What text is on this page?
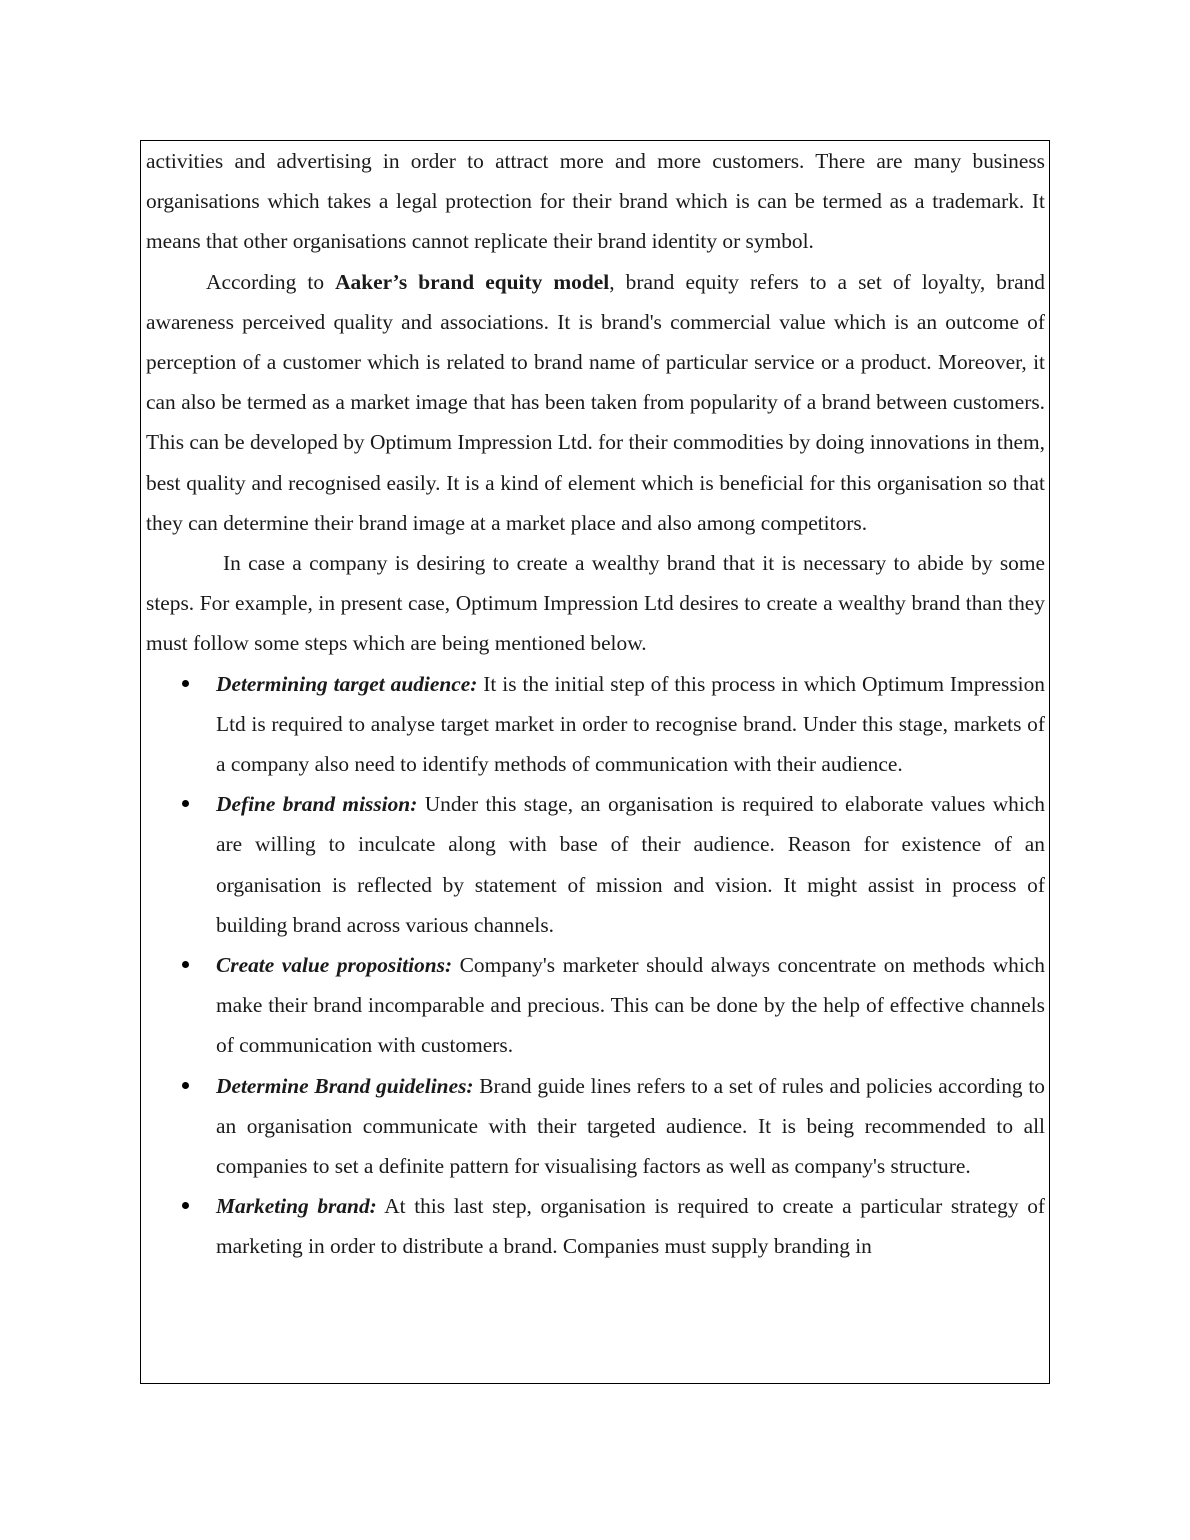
activities and advertising in order to attract more and more customers. There are many business organisations which takes a legal protection for their brand which is can be termed as a trademark. It means that other organisations cannot replicate their brand identity or symbol.

According to Aaker’s brand equity model, brand equity refers to a set of loyalty, brand awareness perceived quality and associations. It is brand's commercial value which is an outcome of perception of a customer which is related to brand name of particular service or a product. Moreover, it can also be termed as a market image that has been taken from popularity of a brand between customers. This can be developed by Optimum Impression Ltd. for their commodities by doing innovations in them, best quality and recognised easily. It is a kind of element which is beneficial for this organisation so that they can determine their brand image at a market place and also among competitors.

In case a company is desiring to create a wealthy brand that it is necessary to abide by some steps. For example, in present case, Optimum Impression Ltd desires to create a wealthy brand than they must follow some steps which are being mentioned below.

Determining target audience: It is the initial step of this process in which Optimum Impression Ltd is required to analyse target market in order to recognise brand. Under this stage, markets of a company also need to identify methods of communication with their audience.
Define brand mission: Under this stage, an organisation is required to elaborate values which are willing to inculcate along with base of their audience. Reason for existence of an organisation is reflected by statement of mission and vision. It might assist in process of building brand across various channels.
Create value propositions: Company's marketer should always concentrate on methods which make their brand incomparable and precious. This can be done by the help of effective channels of communication with customers.
Determine Brand guidelines: Brand guide lines refers to a set of rules and policies according to an organisation communicate with their targeted audience. It is being recommended to all companies to set a definite pattern for visualising factors as well as company's structure.
Marketing brand: At this last step, organisation is required to create a particular strategy of marketing in order to distribute a brand. Companies must supply branding in
